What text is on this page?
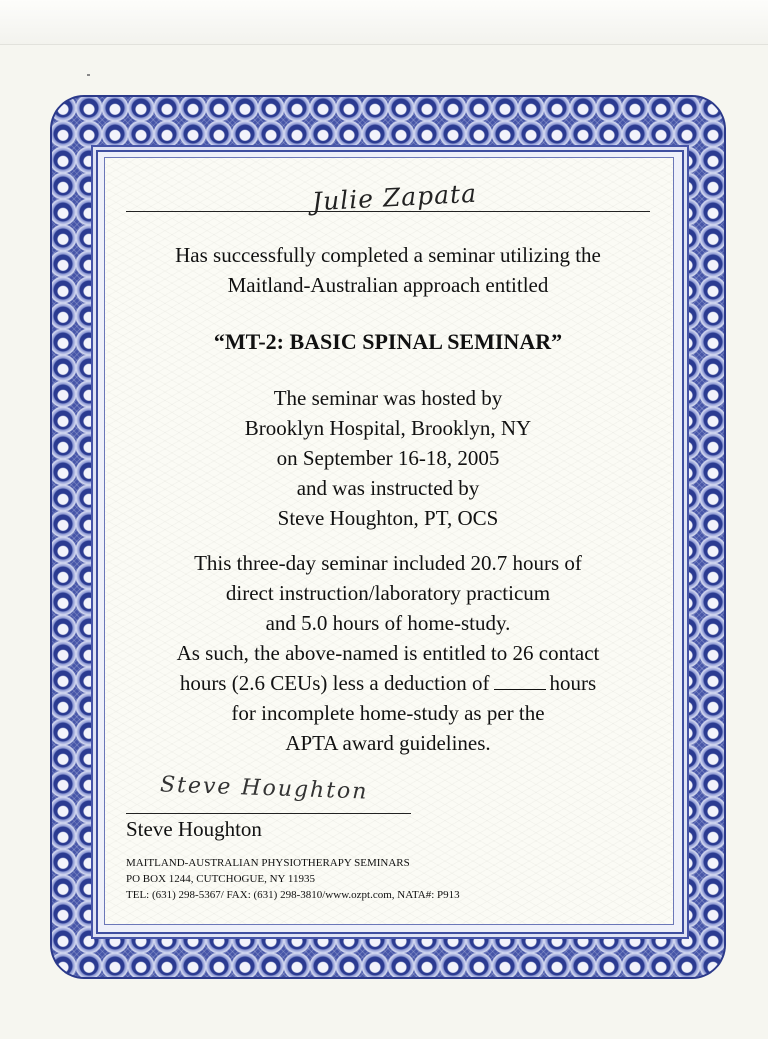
Julie Zapata
Has successfully completed a seminar utilizing the
Maitland-Australian approach entitled
“MT-2: BASIC SPINAL SEMINAR”
The seminar was hosted by
Brooklyn Hospital, Brooklyn, NY
on September 16-18, 2005
and was instructed by
Steve Houghton, PT, OCS
This three-day seminar included 20.7 hours of
direct instruction/laboratory practicum
and 5.0 hours of home-study.
As such, the above-named is entitled to 26 contact
hours (2.6 CEUs) less a deduction of	hours
for incomplete home-study as per the
APTA award guidelines.
Steve Houghton
Steve Houghton
MAITLAND-AUSTRALIAN PHYSIOTHERAPY SEMINARS
PO BOX 1244, CUTCHOGUE, NY 11935
TEL: (631) 298-5367/ FAX: (631) 298-3810/www.ozpt.com, NATA#: P913
